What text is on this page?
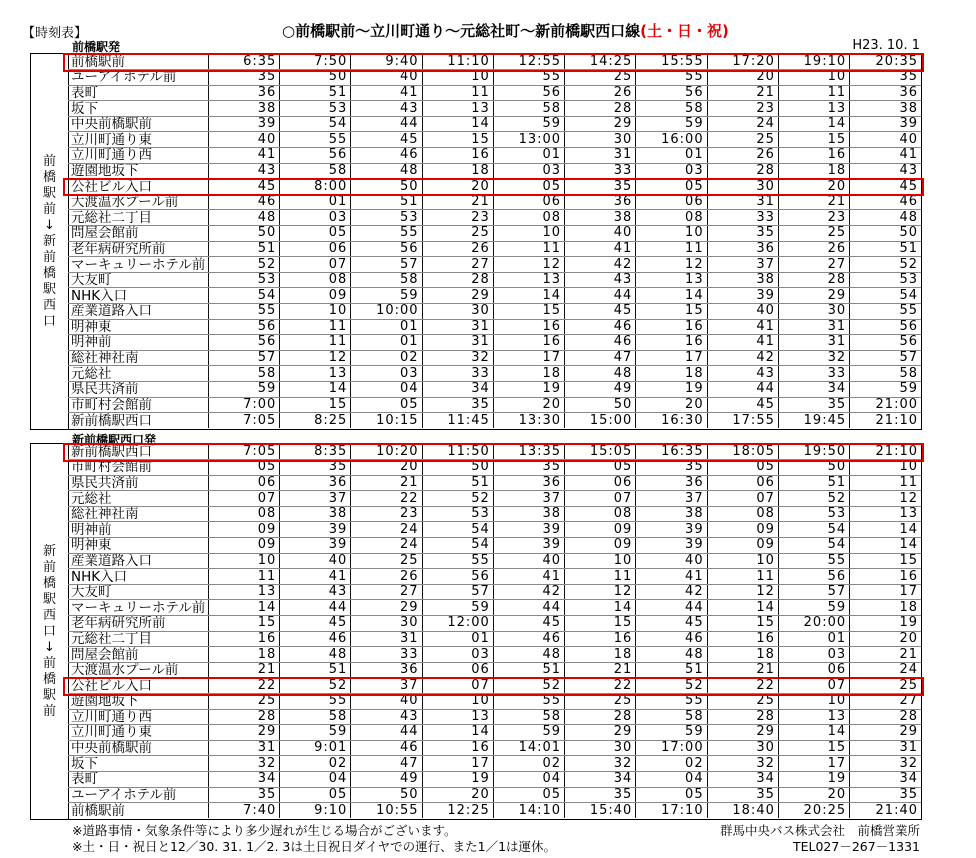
【時刻表】	○前橋駅前～立川町通り～元総社町～新前橋駅西口線(土・日・祝)
前橋駅発	H23. 10. 1
前
橋
駅
前
↓
新
前
橋
駅
西
口
前橋駅前	6:35	7:50	9:40	11:10	12:55	14:25	15:55	17:20	19:10	20:35
ユーアイホテル前	35	50	40	10	55	25	55	20	10	35
表町	36	51	41	11	56	26	56	21	11	36
坂下	38	53	43	13	58	28	58	23	13	38
中央前橋駅前	39	54	44	14	59	29	59	24	14	39
立川町通り東	40	55	45	15	13:00	30	16:00	25	15	40
立川町通り西	41	56	46	16	01	31	01	26	16	41
遊園地坂下	43	58	48	18	03	33	03	28	18	43
公社ビル入口	45	8:00	50	20	05	35	05	30	20	45
大渡温水プール前	46	01	51	21	06	36	06	31	21	46
元総社二丁目	48	03	53	23	08	38	08	33	23	48
問屋会館前	50	05	55	25	10	40	10	35	25	50
老年病研究所前	51	06	56	26	11	41	11	36	26	51
マーキュリーホテル前	52	07	57	27	12	42	12	37	27	52
大友町	53	08	58	28	13	43	13	38	28	53
NHK入口	54	09	59	29	14	44	14	39	29	54
産業道路入口	55	10	10:00	30	15	45	15	40	30	55
明神東	56	11	01	31	16	46	16	41	31	56
明神前	56	11	01	31	16	46	16	41	31	56
総社神社南	57	12	02	32	17	47	17	42	32	57
元総社	58	13	03	33	18	48	18	43	33	58
県民共済前	59	14	04	34	19	49	19	44	34	59
市町村会館前	7:00	15	05	35	20	50	20	45	35	21:00
新前橋駅西口	7:05	8:25	10:15	11:45	13:30	15:00	16:30	17:55	19:45	21:10
新前橋駅西口発
新
前
橋
駅
西
口
↓
前
橋
駅
前
新前橋駅西口	7:05	8:35	10:20	11:50	13:35	15:05	16:35	18:05	19:50	21:10
市町村会館前	05	35	20	50	35	05	35	05	50	10
県民共済前	06	36	21	51	36	06	36	06	51	11
元総社	07	37	22	52	37	07	37	07	52	12
総社神社南	08	38	23	53	38	08	38	08	53	13
明神前	09	39	24	54	39	09	39	09	54	14
明神東	09	39	24	54	39	09	39	09	54	14
産業道路入口	10	40	25	55	40	10	40	10	55	15
NHK入口	11	41	26	56	41	11	41	11	56	16
大友町	13	43	27	57	42	12	42	12	57	17
マーキュリーホテル前	14	44	29	59	44	14	44	14	59	18
老年病研究所前	15	45	30	12:00	45	15	45	15	20:00	19
元総社二丁目	16	46	31	01	46	16	46	16	01	20
問屋会館前	18	48	33	03	48	18	48	18	03	21
大渡温水プール前	21	51	36	06	51	21	51	21	06	24
公社ビル入口	22	52	37	07	52	22	52	22	07	25
遊園地坂下	25	55	40	10	55	25	55	25	10	27
立川町通り西	28	58	43	13	58	28	58	28	13	28
立川町通り東	29	59	44	14	59	29	59	29	14	29
中央前橋駅前	31	9:01	46	16	14:01	30	17:00	30	15	31
坂下	32	02	47	17	02	32	02	32	17	32
表町	34	04	49	19	04	34	04	34	19	34
ユーアイホテル前	35	05	50	20	05	35	05	35	20	35
前橋駅前	7:40	9:10	10:55	12:25	14:10	15:40	17:10	18:40	20:25	21:40
※道路事情・気象条件等により多少遅れが生じる場合がございます。
※土・日・祝日と12／30. 31. 1／2. 3は土日祝日ダイヤでの運行、また1／1は運休。
群馬中央バス株式会社　前橋営業所
TEL027－267－1331
